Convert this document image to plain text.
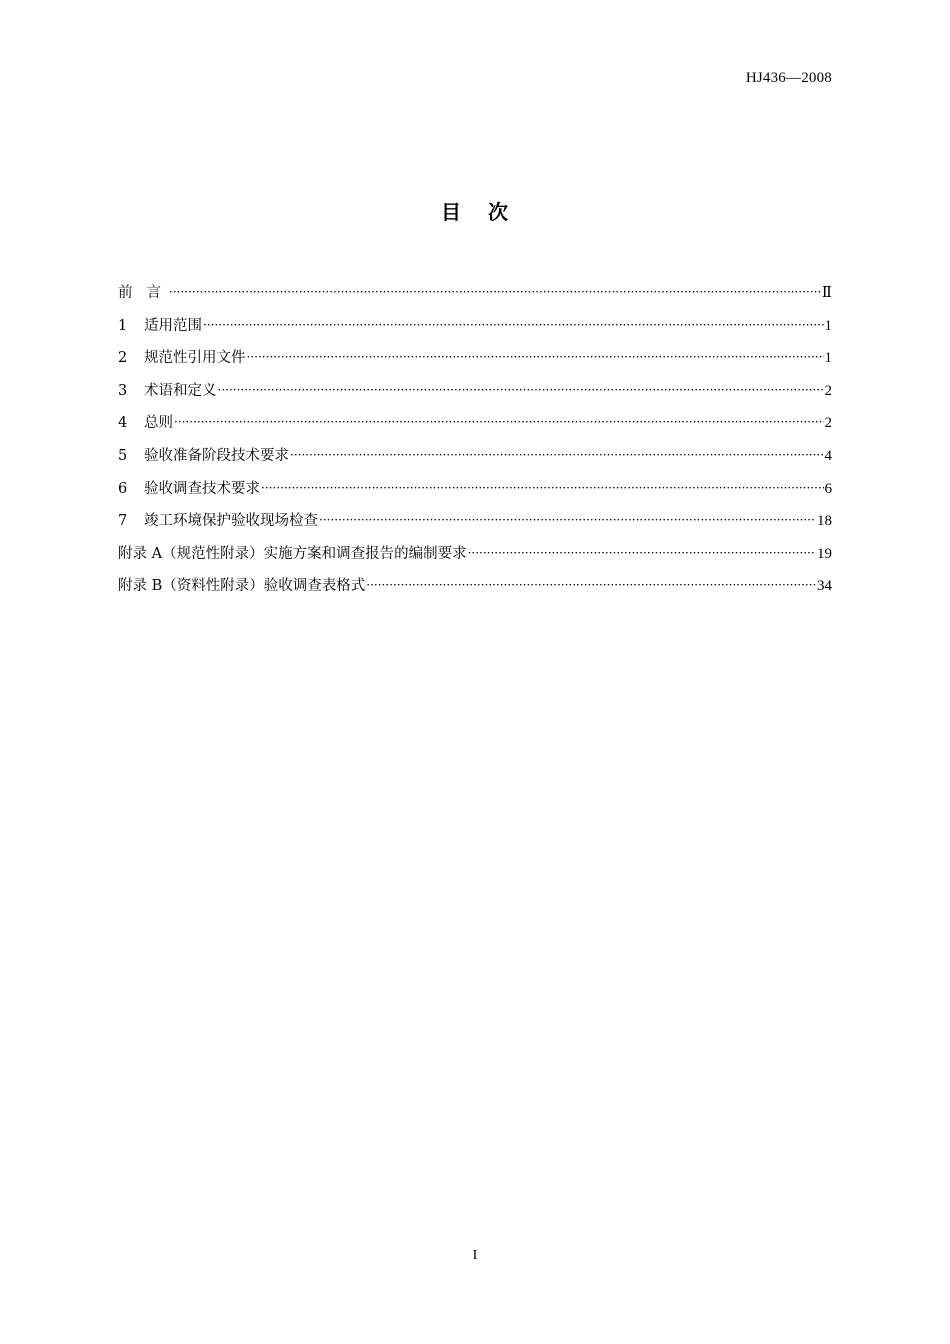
HJ436—2008
目 次
前言 ·····	Ⅱ
1	适用范围 ·····	1
2	规范性引用文件 ·····	1
3	术语和定义 ·····	2
4	总则 ·····	2
5	验收准备阶段技术要求 ·····	4
6	验收调查技术要求 ·····	6
7	竣工环境保护验收现场检查 ·····	18
附录 A（规范性附录）实施方案和调查报告的编制要求 ·····	19
附录 B（资料性附录）验收调查表格式 ·····	34
I
